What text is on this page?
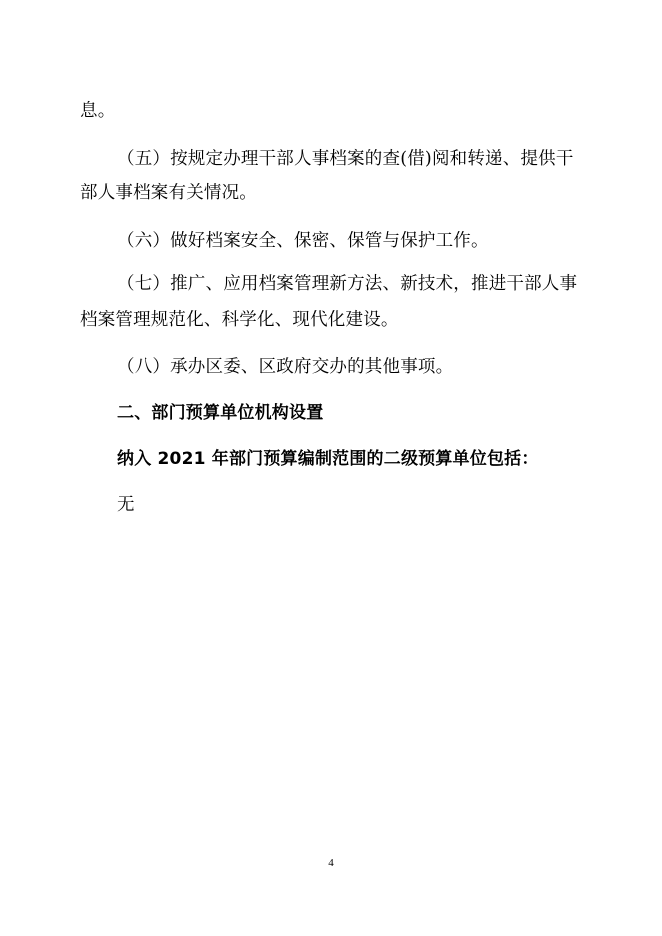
息。
（五）按规定办理干部人事档案的查(借)阅和转递、提供干
部人事档案有关情况。
（六）做好档案安全、保密、保管与保护工作。
（七）推广、应用档案管理新方法、新技术，推进干部人事
档案管理规范化、科学化、现代化建设。
（八）承办区委、区政府交办的其他事项。
二、部门预算单位机构设置
纳入 2021 年部门预算编制范围的二级预算单位包括：
无
4
